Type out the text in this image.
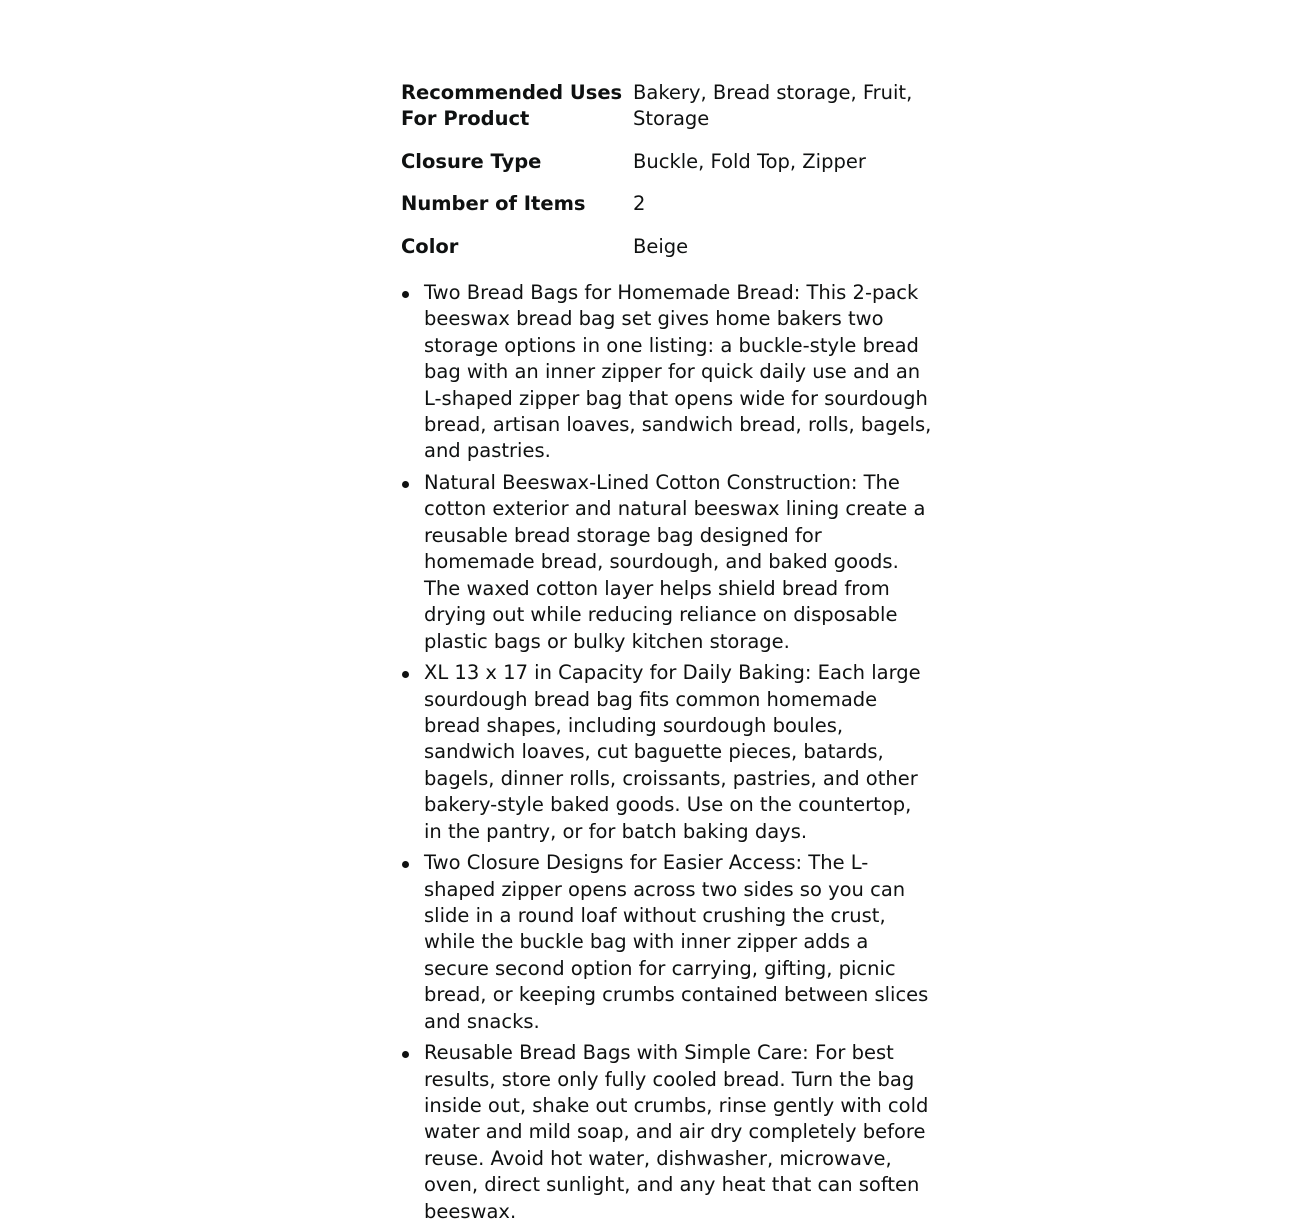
Recommended Uses For Product	Bakery, Bread storage, Fruit, Storage
Closure Type	Buckle, Fold Top, Zipper
Number of Items	2
Color	Beige
Two Bread Bags for Homemade Bread: This 2-pack beeswax bread bag set gives home bakers two storage options in one listing: a buckle-style bread bag with an inner zipper for quick daily use and an L-shaped zipper bag that opens wide for sourdough bread, artisan loaves, sandwich bread, rolls, bagels, and pastries.
Natural Beeswax-Lined Cotton Construction: The cotton exterior and natural beeswax lining create a reusable bread storage bag designed for homemade bread, sourdough, and baked goods. The waxed cotton layer helps shield bread from drying out while reducing reliance on disposable plastic bags or bulky kitchen storage.
XL 13 x 17 in Capacity for Daily Baking: Each large sourdough bread bag fits common homemade bread shapes, including sourdough boules, sandwich loaves, cut baguette pieces, batards, bagels, dinner rolls, croissants, pastries, and other bakery-style baked goods. Use on the countertop, in the pantry, or for batch baking days.
Two Closure Designs for Easier Access: The L-shaped zipper opens across two sides so you can slide in a round loaf without crushing the crust, while the buckle bag with inner zipper adds a secure second option for carrying, gifting, picnic bread, or keeping crumbs contained between slices and snacks.
Reusable Bread Bags with Simple Care: For best results, store only fully cooled bread. Turn the bag inside out, shake out crumbs, rinse gently with cold water and mild soap, and air dry completely before reuse. Avoid hot water, dishwasher, microwave, oven, direct sunlight, and any heat that can soften beeswax.
